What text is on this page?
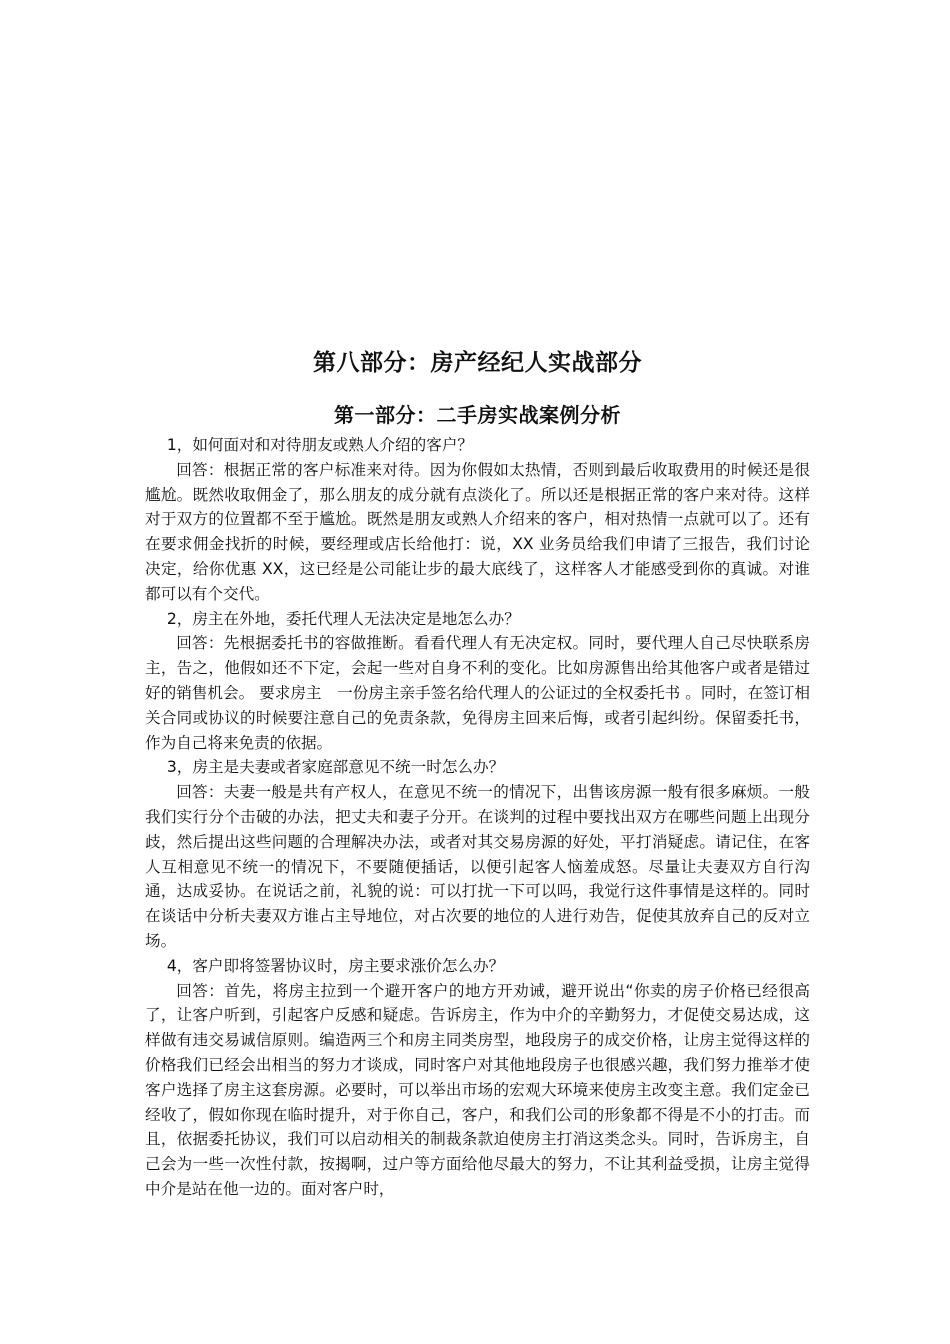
第八部分：房产经纪人实战部分
第一部分：二手房实战案例分析

1，如何面对和对待朋友或熟人介绍的客户？

回答：根据正常的客户标准来对待。因为你假如太热情，否则到最后收取费用的时候还是很尴尬。既然收取佣金了，那么朋友的成分就有点淡化了。所以还是根据正常的客户来对待。这样对于双方的位置都不至于尴尬。既然是朋友或熟人介绍来的客户，相对热情一点就可以了。还有在要求佣金找折的时候，要经理或店长给他打：说，XX 业务员给我们申请了三报告，我们讨论决定，给你优惠 XX，这已经是公司能让步的最大底线了，这样客人才能感受到你的真诚。对谁都可以有个交代。

2，房主在外地，委托代理人无法决定是地怎么办？

回答：先根据委托书的容做推断。看看代理人有无决定权。同时，要代理人自己尽快联系房主，告之，他假如还不下定，会起一些对自身不利的变化。比如房源售出给其他客户或者是错过好的销售机会。 要求房主　一份房主亲手签名给代理人的公证过的全权委托书 。同时，在签订相关合同或协议的时候要注意自己的免责条款，免得房主回来后悔，或者引起纠纷。保留委托书，作为自己将来免责的依据。

3，房主是夫妻或者家庭部意见不统一时怎么办？

回答：夫妻一般是共有产权人，在意见不统一的情况下，出售该房源一般有很多麻烦。一般我们实行分个击破的办法，把丈夫和妻子分开。在谈判的过程中要找出双方在哪些问题上出现分歧，然后提出这些问题的合理解决办法，或者对其交易房源的好处，平打消疑虑。请记住，在客人互相意见不统一的情况下，不要随便插话，以便引起客人恼羞成怒。尽量让夫妻双方自行沟通，达成妥协。在说话之前，礼貌的说：可以打扰一下可以吗，我觉行这件事情是这样的。同时在谈话中分析夫妻双方谁占主导地位，对占次要的地位的人进行劝告，促使其放弃自己的反对立场。

4，客户即将签署协议时，房主要求涨价怎么办？

回答：首先，将房主拉到一个避开客户的地方开劝诫，避开说出“你卖的房子价格已经很高了，让客户听到，引起客户反感和疑虑。告诉房主，作为中介的辛勤努力，才促使交易达成，这样做有违交易诚信原则。编造两三个和房主同类房型，地段房子的成交价格，让房主觉得这样的价格我们已经会出相当的努力才谈成，同时客户对其他地段房子也很感兴趣，我们努力推举才使客户选择了房主这套房源。必要时，可以举出市场的宏观大环境来使房主改变主意。我们定金已经收了，假如你现在临时提升，对于你自己，客户，和我们公司的形象都不得是不小的打击。而且，依据委托协议，我们可以启动相关的制裁条款迫使房主打消这类念头。同时，告诉房主，自己会为一些一次性付款，按揭啊，过户等方面给他尽最大的努力，不让其利益受损，让房主觉得中介是站在他一边的。面对客户时，
